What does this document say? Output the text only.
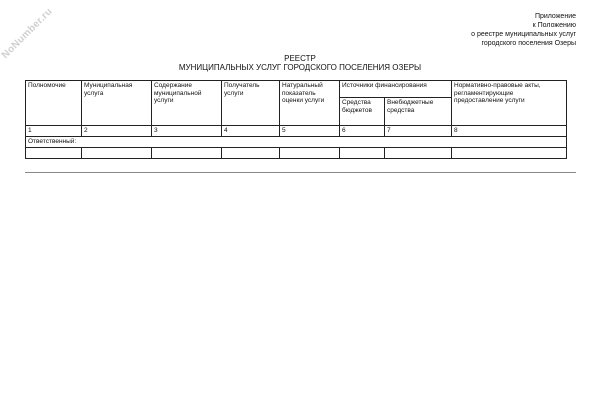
NoNumber.ru	Приложение
к Положению
о реестре муниципальных услуг
городского поселения Озеры
РЕЕСТР
МУНИЦИПАЛЬНЫХ УСЛУГ ГОРОДСКОГО ПОСЕЛЕНИЯ ОЗЕРЫ
Полномочие	Муниципальная услуга	Содержание муниципальной услуги	Получатель услуги	Натуральный показатель оценки услуги	Источники финансирования		Нормативно-правовые акты, регламентирующие предоставление услуги
					Средства бюджетов	Внебюджетные средства	
1	2	3	4	5	6	7	8
Ответственный:							
